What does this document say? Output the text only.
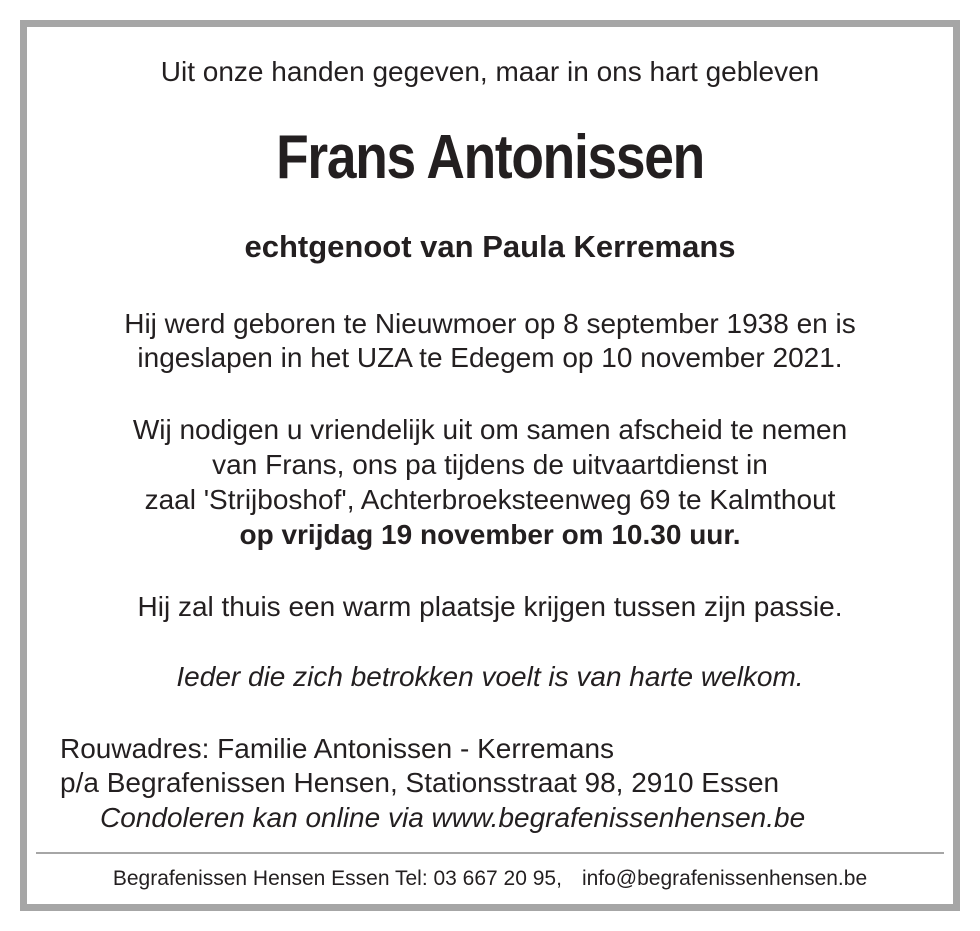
Uit onze handen gegeven, maar in ons hart gebleven
Frans Antonissen
echtgenoot van Paula Kerremans
Hij werd geboren te Nieuwmoer op 8 september 1938 en is
ingeslapen in het UZA te Edegem op 10 november 2021.
Wij nodigen u vriendelijk uit om samen afscheid te nemen
van Frans, ons pa tijdens de uitvaartdienst in
zaal 'Strijboshof', Achterbroeksteenweg 69 te Kalmthout
op vrijdag 19 november om 10.30 uur.
Hij zal thuis een warm plaatsje krijgen tussen zijn passie.
Ieder die zich betrokken voelt is van harte welkom.
Rouwadres: Familie Antonissen - Kerremans
p/a Begrafenissen Hensen, Stationsstraat 98, 2910 Essen
Condoleren kan online via www.begrafenissenhensen.be
Begrafenissen Hensen Essen Tel: 03 667 20 95, info@begrafenissenhensen.be
